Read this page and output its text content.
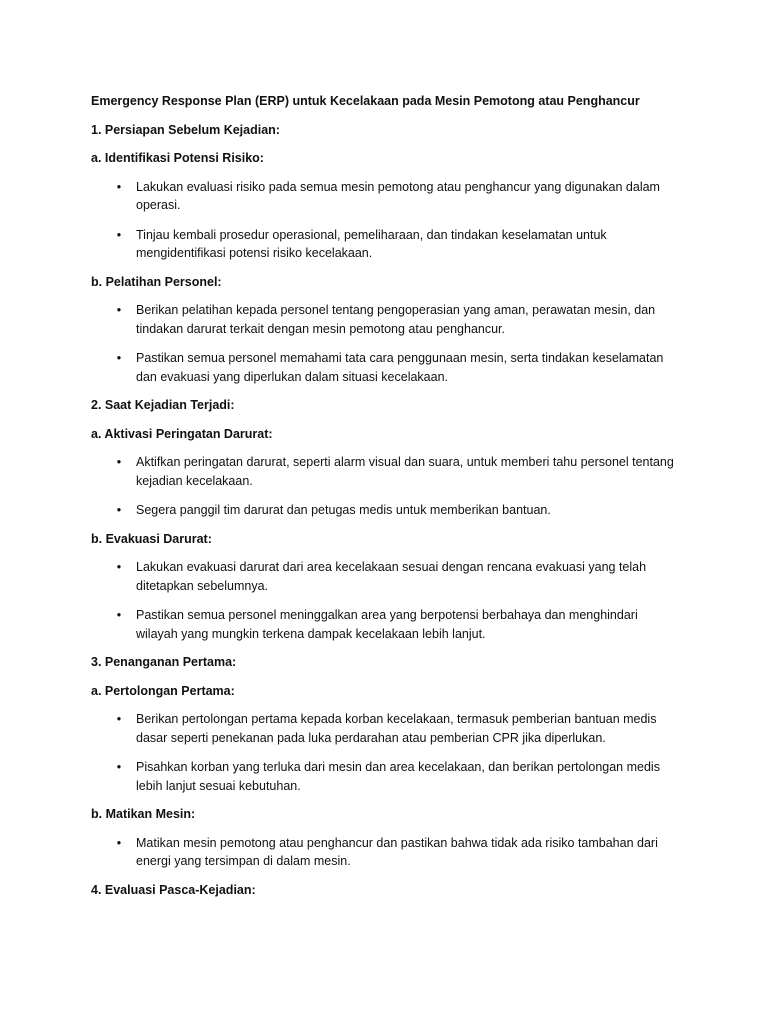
Emergency Response Plan (ERP) untuk Kecelakaan pada Mesin Pemotong atau Penghancur
1. Persiapan Sebelum Kejadian:
a. Identifikasi Potensi Risiko:
• Lakukan evaluasi risiko pada semua mesin pemotong atau penghancur yang digunakan dalam operasi.
• Tinjau kembali prosedur operasional, pemeliharaan, dan tindakan keselamatan untuk mengidentifikasi potensi risiko kecelakaan.
b. Pelatihan Personel:
• Berikan pelatihan kepada personel tentang pengoperasian yang aman, perawatan mesin, dan tindakan darurat terkait dengan mesin pemotong atau penghancur.
• Pastikan semua personel memahami tata cara penggunaan mesin, serta tindakan keselamatan dan evakuasi yang diperlukan dalam situasi kecelakaan.
2. Saat Kejadian Terjadi:
a. Aktivasi Peringatan Darurat:
• Aktifkan peringatan darurat, seperti alarm visual dan suara, untuk memberi tahu personel tentang kejadian kecelakaan.
• Segera panggil tim darurat dan petugas medis untuk memberikan bantuan.
b. Evakuasi Darurat:
• Lakukan evakuasi darurat dari area kecelakaan sesuai dengan rencana evakuasi yang telah ditetapkan sebelumnya.
• Pastikan semua personel meninggalkan area yang berpotensi berbahaya dan menghindari wilayah yang mungkin terkena dampak kecelakaan lebih lanjut.
3. Penanganan Pertama:
a. Pertolongan Pertama:
• Berikan pertolongan pertama kepada korban kecelakaan, termasuk pemberian bantuan medis dasar seperti penekanan pada luka perdarahan atau pemberian CPR jika diperlukan.
• Pisahkan korban yang terluka dari mesin dan area kecelakaan, dan berikan pertolongan medis lebih lanjut sesuai kebutuhan.
b. Matikan Mesin:
• Matikan mesin pemotong atau penghancur dan pastikan bahwa tidak ada risiko tambahan dari energi yang tersimpan di dalam mesin.
4. Evaluasi Pasca-Kejadian:
